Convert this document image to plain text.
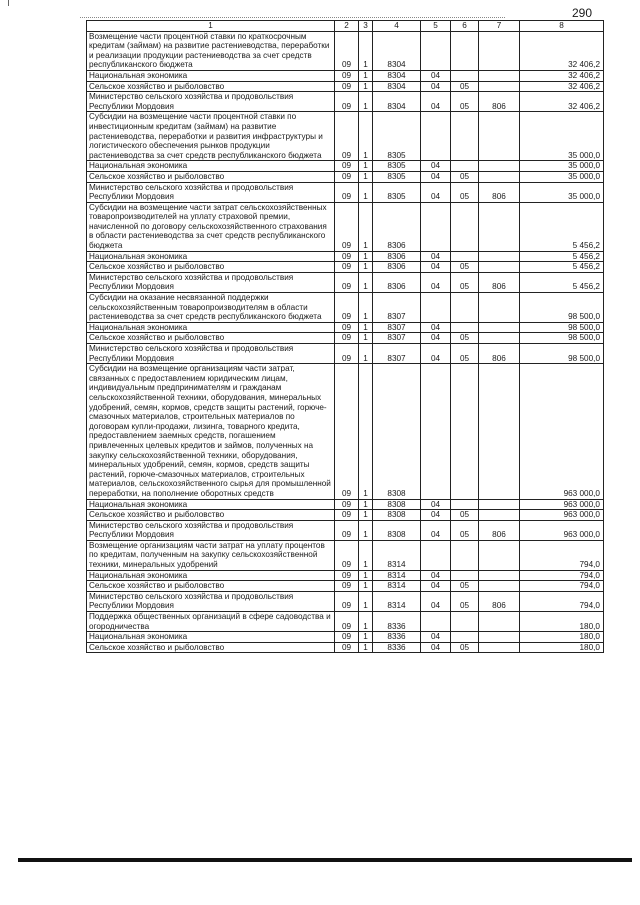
290
1	2	3	4	5	6	7	8
Возмещение части процентной ставки по краткосрочным кредитам (займам) на развитие растениеводства, переработки и реализации продукции растениеводства за счет средств республиканского бюджета	09	1	8304				32 406,2
Национальная экономика	09	1	8304	04			32 406,2
Сельское хозяйство и рыболовство	09	1	8304	04	05		32 406,2
Министерство сельского хозяйства и продовольствия Республики Мордовия	09	1	8304	04	05	806	32 406,2
Субсидии на возмещение части процентной ставки по инвестиционным кредитам (займам) на развитие растениеводства, переработки и развития инфраструктуры и логистического обеспечения рынков продукции растениеводства за счет средств республиканского бюджета	09	1	8305				35 000,0
Национальная экономика	09	1	8305	04			35 000,0
Сельское хозяйство и рыболовство	09	1	8305	04	05		35 000,0
Министерство сельского хозяйства и продовольствия Республики Мордовия	09	1	8305	04	05	806	35 000,0
Субсидии на возмещение части затрат сельскохозяйственных товаропроизводителей на уплату страховой премии, начисленной по договору сельскохозяйственного страхования в области растениеводства за счет средств республиканского бюджета	09	1	8306				5 456,2
Национальная экономика	09	1	8306	04			5 456,2
Сельское хозяйство и рыболовство	09	1	8306	04	05		5 456,2
Министерство сельского хозяйства и продовольствия Республики Мордовия	09	1	8306	04	05	806	5 456,2
Субсидии на оказание несвязанной поддержки сельскохозяйственным товаропроизводителям в области растениеводства за счет средств республиканского бюджета	09	1	8307				98 500,0
Национальная экономика	09	1	8307	04			98 500,0
Сельское хозяйство и рыболовство	09	1	8307	04	05		98 500,0
Министерство сельского хозяйства и продовольствия Республики Мордовия	09	1	8307	04	05	806	98 500,0
Субсидии на возмещение организациям части затрат, связанных с предоставлением юридическим лицам, индивидуальным предпринимателям и гражданам сельскохозяйственной техники, оборудования, минеральных удобрений, семян, кормов, средств защиты растений, горюче-смазочных материалов, строительных материалов по договорам купли-продажи, лизинга, товарного кредита, предоставлением заемных средств, погашением привлеченных целевых кредитов и займов, полученных на закупку сельскохозяйственной техники, оборудования, минеральных удобрений, семян, кормов, средств защиты растений, горюче-смазочных материалов, строительных материалов, сельскохозяйственного сырья для промышленной переработки, на пополнение оборотных средств	09	1	8308				963 000,0
Национальная экономика	09	1	8308	04			963 000,0
Сельское хозяйство и рыболовство	09	1	8308	04	05		963 000,0
Министерство сельского хозяйства и продовольствия Республики Мордовия	09	1	8308	04	05	806	963 000,0
Возмещение организациям части затрат на уплату процентов по кредитам, полученным на закупку сельскохозяйственной техники, минеральных удобрений	09	1	8314				794,0
Национальная экономика	09	1	8314	04			794,0
Сельское хозяйство и рыболовство	09	1	8314	04	05		794,0
Министерство сельского хозяйства и продовольствия Республики Мордовия	09	1	8314	04	05	806	794,0
Поддержка общественных организаций в сфере садоводства и огородничества	09	1	8336				180,0
Национальная экономика	09	1	8336	04			180,0
Сельское хозяйство и рыболовство	09	1	8336	04	05		180,0
